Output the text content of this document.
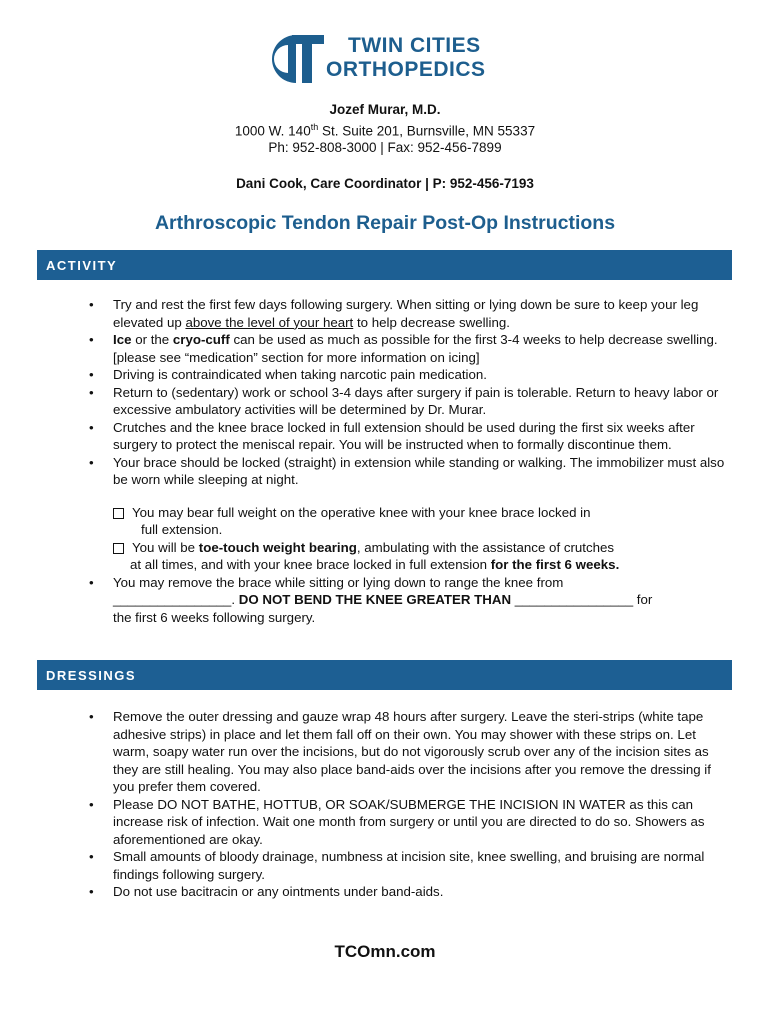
TWIN CITIES
ORTHOPEDICS
Jozef Murar, M.D.
1000 W. 140th St. Suite 201, Burnsville, MN 55337
Ph: 952-808-3000 | Fax: 952-456-7899
Dani Cook, Care Coordinator | P: 952-456-7193
Arthroscopic Tendon Repair Post-Op Instructions
ACTIVITY
• Try and rest the first few days following surgery. When sitting or lying down be sure to keep your leg elevated up above the level of your heart to help decrease swelling.
• Ice or the cryo-cuff can be used as much as possible for the first 3-4 weeks to help decrease swelling. [please see “medication” section for more information on icing]
• Driving is contraindicated when taking narcotic pain medication.
• Return to (sedentary) work or school 3-4 days after surgery if pain is tolerable. Return to heavy labor or excessive ambulatory activities will be determined by Dr. Murar.
• Crutches and the knee brace locked in full extension should be used during the first six weeks after surgery to protect the meniscal repair. You will be instructed when to formally discontinue them.
• Your brace should be locked (straight) in extension while standing or walking. The immobilizer must also be worn while sleeping at night.
You may bear full weight on the operative knee with your knee brace locked in
full extension.
You will be toe-touch weight bearing, ambulating with the assistance of crutches
at all times, and with your knee brace locked in full extension for the first 6 weeks.
• You may remove the brace while sitting or lying down to range the knee from
________________. DO NOT BEND THE KNEE GREATER THAN ________________ for
the first 6 weeks following surgery.
DRESSINGS
• Remove the outer dressing and gauze wrap 48 hours after surgery. Leave the steri-strips (white tape adhesive strips) in place and let them fall off on their own. You may shower with these strips on. Let warm, soapy water run over the incisions, but do not vigorously scrub over any of the incision sites as they are still healing. You may also place band-aids over the incisions after you remove the dressing if you prefer them covered.
• Please DO NOT BATHE, HOTTUB, OR SOAK/SUBMERGE THE INCISION IN WATER as this can increase risk of infection. Wait one month from surgery or until you are directed to do so. Showers as aforementioned are okay.
• Small amounts of bloody drainage, numbness at incision site, knee swelling, and bruising are normal findings following surgery.
• Do not use bacitracin or any ointments under band-aids.
TCOmn.com
